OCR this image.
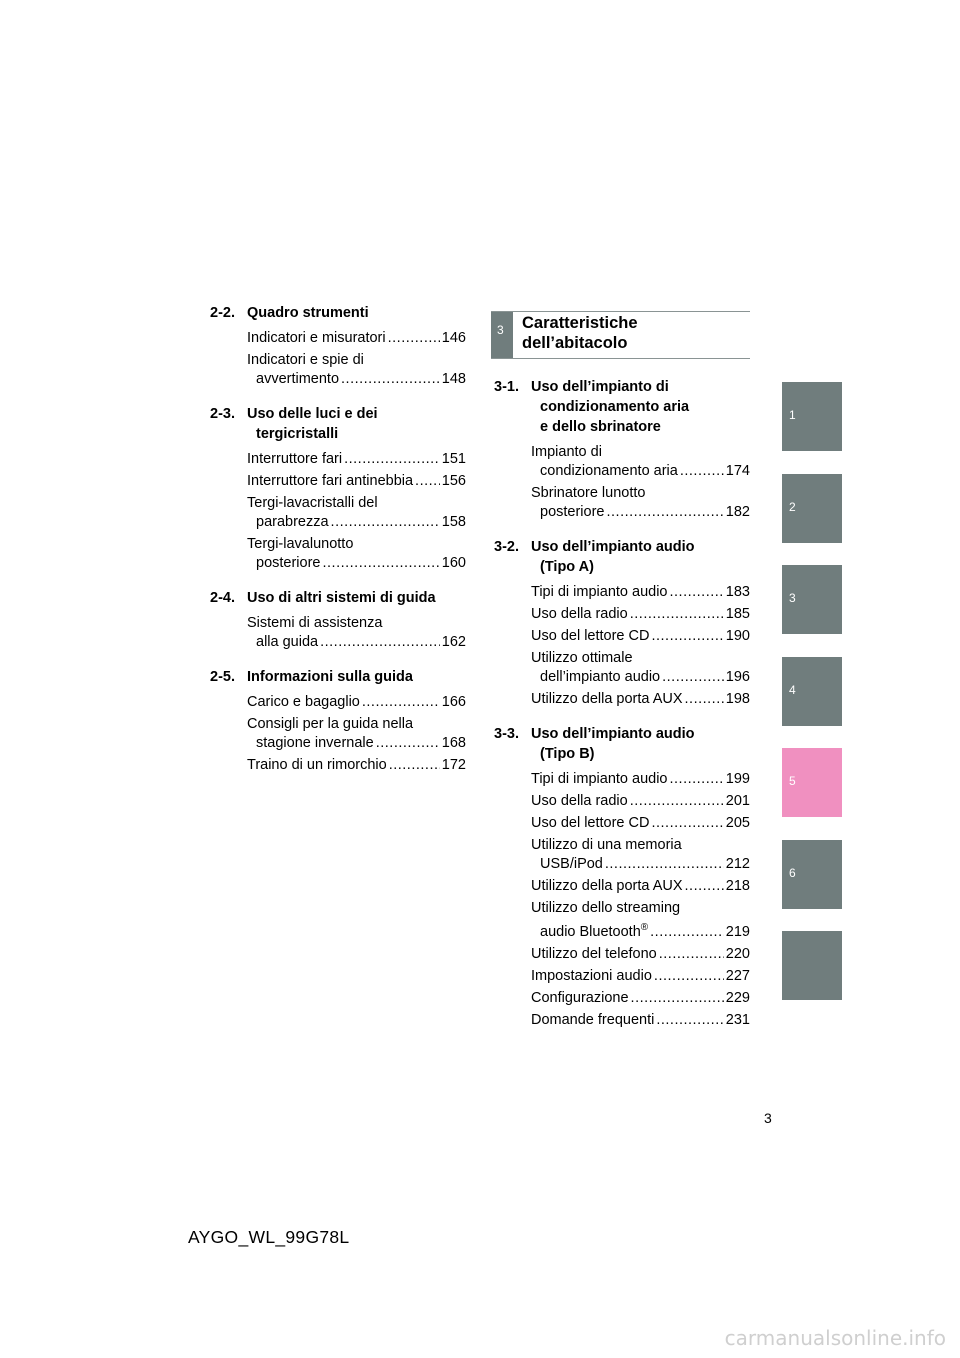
2-2. Quadro strumenti
Indicatori e misuratori .....	146
Indicatori e spie di
avvertimento .....	148
2-3. Uso delle luci e dei
tergicristalli
Interruttore fari .....	151
Interruttore fari antinebbia ..... 156
Tergi-lavacristalli del
parabrezza .....	158
Tergi-lavalunotto
posteriore .....	160
2-4. Uso di altri sistemi di guida
Sistemi di assistenza
alla guida .....	162
2-5. Informazioni sulla guida
Carico e bagaglio .....	166
Consigli per la guida nella
stagione invernale .....	168
Traino di un rimorchio .....	172
3 Caratteristiche
dell’abitacolo
3-1. Uso dell’impianto di
condizionamento aria
e dello sbrinatore
Impianto di
condizionamento aria .....	174
Sbrinatore lunotto
posteriore .....	182
3-2. Uso dell’impianto audio
(Tipo A)
Tipi di impianto audio .....	183
Uso della radio .....	185
Uso del lettore CD .....	190
Utilizzo ottimale
dell’impianto audio .....	196
Utilizzo della porta AUX .....	198
3-3. Uso dell’impianto audio
(Tipo B)
Tipi di impianto audio .....	199
Uso della radio .....	201
Uso del lettore CD .....	205
Utilizzo di una memoria
USB/iPod .....	212
Utilizzo della porta AUX .....	218
Utilizzo dello streaming
audio Bluetooth® .....	219
Utilizzo del telefono .....	220
Impostazioni audio .....	227
Configurazione .....	229
Domande frequenti .....	231
1
2
3
4
5
6
3
AYGO_WL_99G78L
carmanualsonline.info
